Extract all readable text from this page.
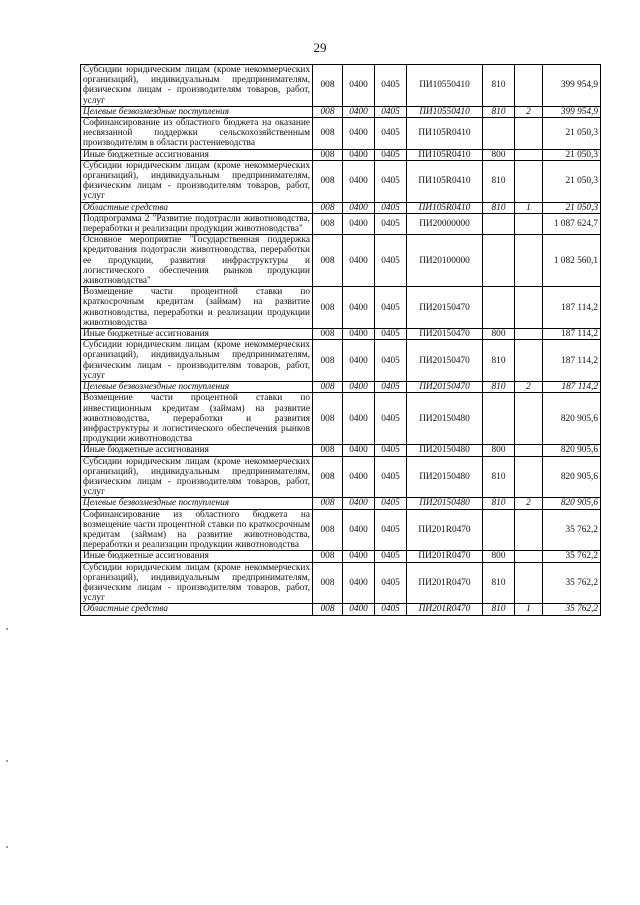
29
Субсидии юридическим лицам (кроме некоммерческих организаций), индивидуальным предпринимателям, физическим лицам - производителям товаров, работ, услуг	008	0400	0405	ПИ10550410	810		399 954,9
Целевые безвозмездные поступления	008	0400	0405	ПИ10550410	810	2	399 954,9
Софинансирование из областного бюджета на оказание несвязанной поддержки сельскохозяйственным производителям в области растениеводства	008	0400	0405	ПИ105R0410			21 050,3
Иные бюджетные ассигнования	008	0400	0405	ПИ105R0410	800		21 050,3
Субсидии юридическим лицам (кроме некоммерческих организаций), индивидуальным предпринимателям, физическим лицам - производителям товаров, работ, услуг	008	0400	0405	ПИ105R0410	810		21 050,3
Областные средства	008	0400	0405	ПИ105R0410	810	1	21 050,3
Подпрограмма 2 "Развитие подотрасли животноводства, переработки и реализации продукции животноводства"	008	0400	0405	ПИ20000000			1 087 624,7
Основное мероприятие "Государственная поддержка кредитования подотрасли животноводства, переработки ее продукции, развития инфраструктуры и логистического обеспечения рынков продукции животноводства"	008	0400	0405	ПИ20100000			1 082 560,1
Возмещение части процентной ставки по краткосрочным кредитам (займам) на развитие животноводства, переработки и реализации продукции животноводства	008	0400	0405	ПИ20150470			187 114,2
Иные бюджетные ассигнования	008	0400	0405	ПИ20150470	800		187 114,2
Субсидии юридическим лицам (кроме некоммерческих организаций), индивидуальным предпринимателям, физическим лицам - производителям товаров, работ, услуг	008	0400	0405	ПИ20150470	810		187 114,2
Целевые безвозмездные поступления	008	0400	0405	ПИ20150470	810	2	187 114,2
Возмещение части процентной ставки по инвестиционным кредитам (займам) на развитие животноводства, переработки и развития инфраструктуры и логистического обеспечения рынков продукции животноводства	008	0400	0405	ПИ20150480			820 905,6
Иные бюджетные ассигнования	008	0400	0405	ПИ20150480	800		820 905,6
Субсидии юридическим лицам (кроме некоммерческих организаций), индивидуальным предпринимателям, физическим лицам - производителям товаров, работ, услуг	008	0400	0405	ПИ20150480	810		820 905,6
Целевые безвозмездные поступления	008	0400	0405	ПИ20150480	810	2	820 905,6
Софинансирование из областного бюджета на возмещение части процентной ставки по краткосрочным кредитам (займам) на развитие животноводства, переработки и реализации продукции животноводства	008	0400	0405	ПИ201R0470			35 762,2
Иные бюджетные ассигнования	008	0400	0405	ПИ201R0470	800		35 762,2
Субсидии юридическим лицам (кроме некоммерческих организаций), индивидуальным предпринимателям, физическим лицам - производителям товаров, работ, услуг	008	0400	0405	ПИ201R0470	810		35 762,2
Областные средства	008	0400	0405	ПИ201R0470	810	1	35 762,2
